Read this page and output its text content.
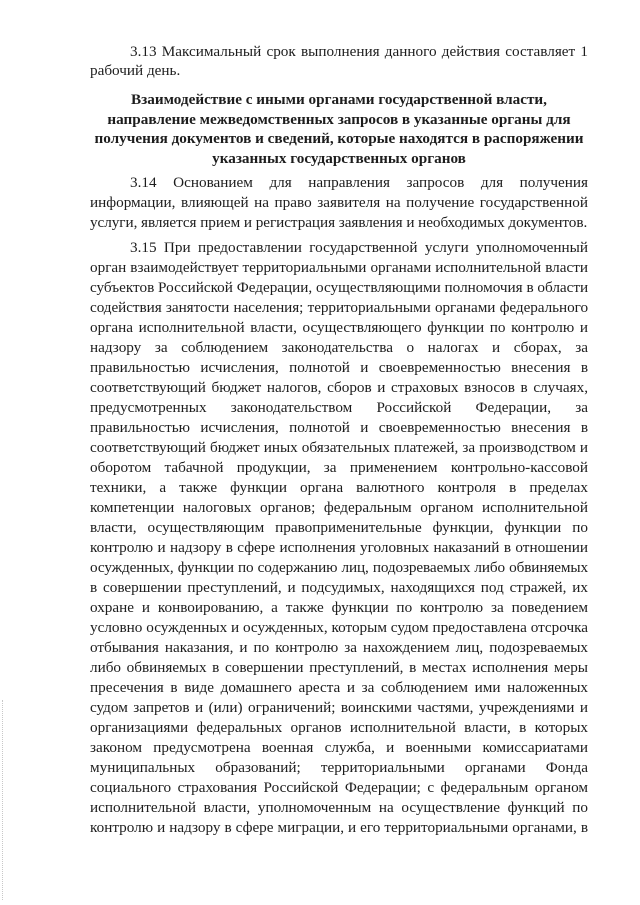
3.13 Максимальный срок выполнения данного действия составляет 1
рабочий день.
Взаимодействие с иными органами государственной власти,
направление межведомственных запросов в указанные органы для
получения документов и сведений, которые находятся в распоряжении
указанных государственных органов
3.14 Основанием для направления запросов для получения
информации, влияющей на право заявителя на получение государственной
услуги, является прием и регистрация заявления и необходимых документов.
3.15 При предоставлении государственной услуги уполномоченный
орган взаимодействует территориальными органами исполнительной власти
субъектов Российской Федерации, осуществляющими полномочия в области
содействия занятости населения; территориальными органами федерального
органа исполнительной власти, осуществляющего функции по контролю и
надзору за соблюдением законодательства о налогах и сборах, за
правильностью исчисления, полнотой и своевременностью внесения в
соответствующий бюджет налогов, сборов и страховых взносов в случаях,
предусмотренных законодательством Российской Федерации, за
правильностью исчисления, полнотой и своевременностью внесения в
соответствующий бюджет иных обязательных платежей, за производством и
оборотом табачной продукции, за применением контрольно-кассовой
техники, а также функции органа валютного контроля в пределах
компетенции налоговых органов; федеральным органом исполнительной
власти, осуществляющим правоприменительные функции, функции по
контролю и надзору в сфере исполнения уголовных наказаний в отношении
осужденных, функции по содержанию лиц, подозреваемых либо обвиняемых
в совершении преступлений, и подсудимых, находящихся под стражей, их
охране и конвоированию, а также функции по контролю за поведением
условно осужденных и осужденных, которым судом предоставлена отсрочка
отбывания наказания, и по контролю за нахождением лиц, подозреваемых
либо обвиняемых в совершении преступлений, в местах исполнения меры
пресечения в виде домашнего ареста и за соблюдением ими наложенных
судом запретов и (или) ограничений; воинскими частями, учреждениями и
организациями федеральных органов исполнительной власти, в которых
законом предусмотрена военная служба, и военными комиссариатами
муниципальных образований; территориальными органами Фонда
социального страхования Российской Федерации; с федеральным органом
исполнительной власти, уполномоченным на осуществление функций по
контролю и надзору в сфере миграции, и его территориальными органами, в
